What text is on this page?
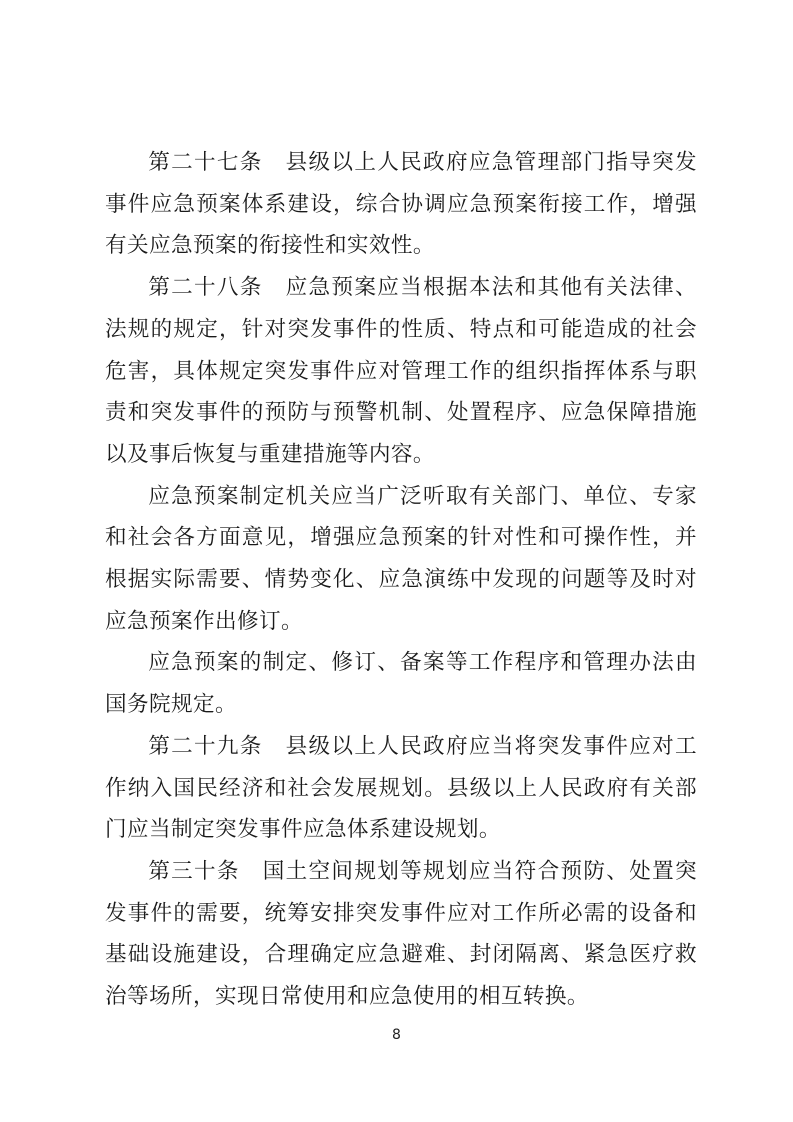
第二十七条 县级以上人民政府应急管理部门指导突发事件应急预案体系建设，综合协调应急预案衔接工作，增强有关应急预案的衔接性和实效性。

第二十八条 应急预案应当根据本法和其他有关法律、法规的规定，针对突发事件的性质、特点和可能造成的社会危害，具体规定突发事件应对管理工作的组织指挥体系与职责和突发事件的预防与预警机制、处置程序、应急保障措施以及事后恢复与重建措施等内容。

应急预案制定机关应当广泛听取有关部门、单位、专家和社会各方面意见，增强应急预案的针对性和可操作性，并根据实际需要、情势变化、应急演练中发现的问题等及时对应急预案作出修订。

应急预案的制定、修订、备案等工作程序和管理办法由国务院规定。

第二十九条 县级以上人民政府应当将突发事件应对工作纳入国民经济和社会发展规划。县级以上人民政府有关部门应当制定突发事件应急体系建设规划。

第三十条 国土空间规划等规划应当符合预防、处置突发事件的需要，统筹安排突发事件应对工作所必需的设备和基础设施建设，合理确定应急避难、封闭隔离、紧急医疗救治等场所，实现日常使用和应急使用的相互转换。

8
